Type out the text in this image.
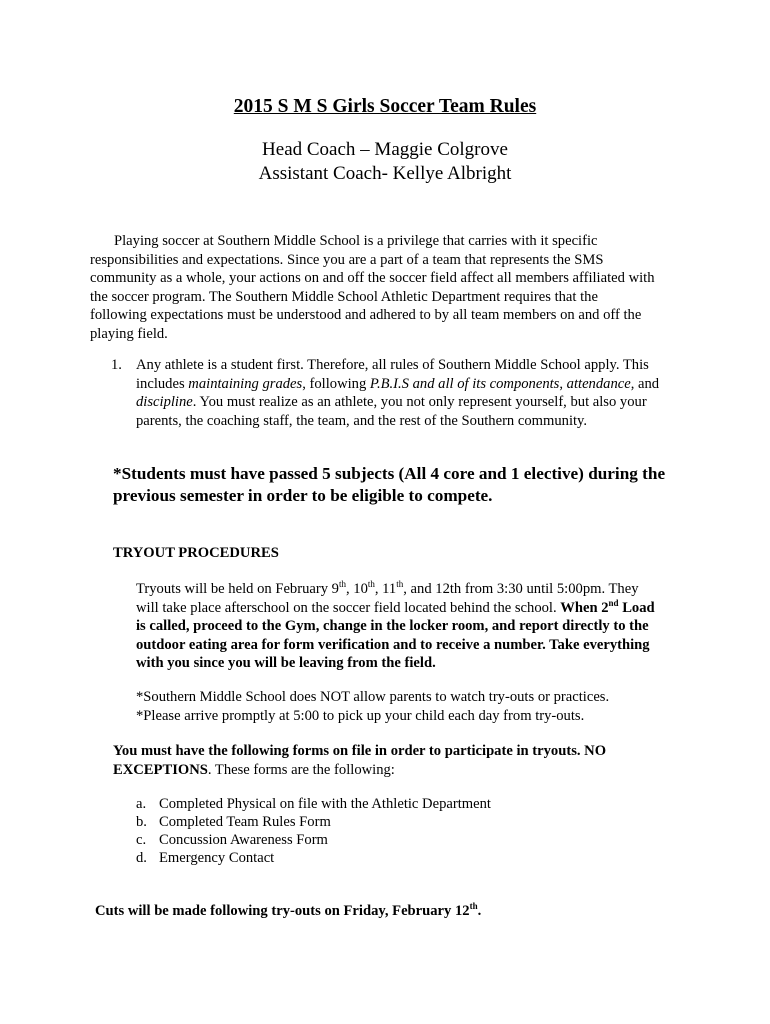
2015 S M S Girls Soccer Team Rules
Head Coach – Maggie Colgrove
Assistant Coach- Kellye Albright
Playing soccer at Southern Middle School is a privilege that carries with it specific
responsibilities and expectations. Since you are a part of a team that represents the SMS
community as a whole, your actions on and off the soccer field affect all members affiliated with
the soccer program. The Southern Middle School Athletic Department requires that the
following expectations must be understood and adhered to by all team members on and off the
playing field.
1. Any athlete is a student first. Therefore, all rules of Southern Middle School apply. This
includes maintaining grades, following P.B.I.S and all of its components, attendance, and
discipline. You must realize as an athlete, you not only represent yourself, but also your
parents, the coaching staff, the team, and the rest of the Southern community.
*Students must have passed 5 subjects (All 4 core and 1 elective) during the
previous semester in order to be eligible to compete.
TRYOUT PROCEDURES
Tryouts will be held on February 9th, 10th, 11th, and 12th from 3:30 until 5:00pm. They
will take place afterschool on the soccer field located behind the school. When 2nd Load
is called, proceed to the Gym, change in the locker room, and report directly to the
outdoor eating area for form verification and to receive a number. Take everything
with you since you will be leaving from the field.
*Southern Middle School does NOT allow parents to watch try-outs or practices.
*Please arrive promptly at 5:00 to pick up your child each day from try-outs.
You must have the following forms on file in order to participate in tryouts. NO
EXCEPTIONS. These forms are the following:
a. Completed Physical on file with the Athletic Department
b. Completed Team Rules Form
c. Concussion Awareness Form
d. Emergency Contact
Cuts will be made following try-outs on Friday, February 12th.
